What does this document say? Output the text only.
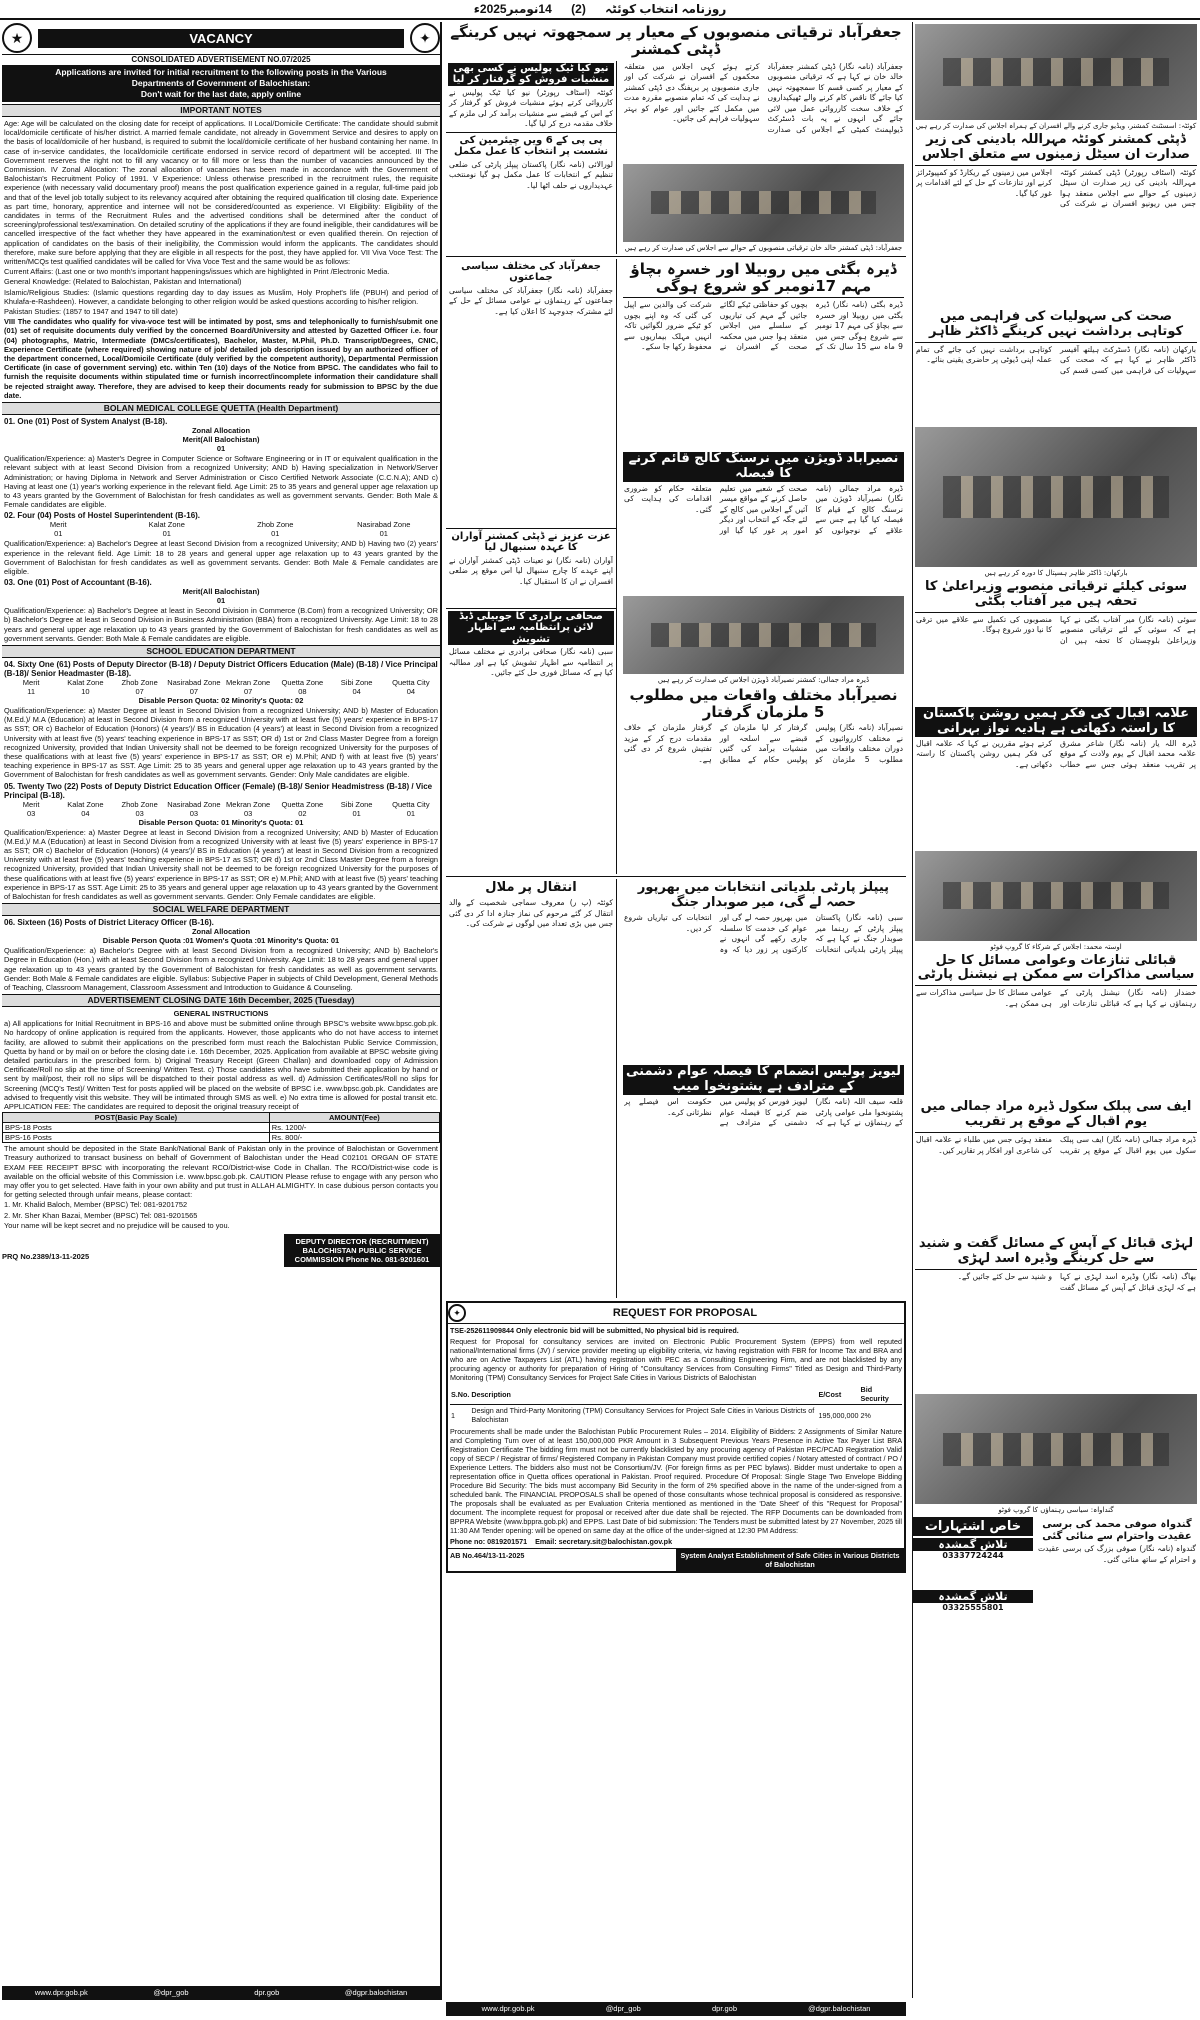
روزنامہ انتخاب کوئٹہ (2) 14نومبر2025ء
★	VACANCY	✦
CONSOLIDATED ADVERTISEMENT NO.07/2025
Applications are invited for initial recruitment to the following posts in the Various
Departments of Government of Balochistan:
Don't wait for the last date, apply online
IMPORTANT NOTES
Age: Age will be calculated on the closing date for receipt of applications. II Local/Domicile Certificate: The candidate should submit local/domicile certificate of his/her district. A married female candidate, not already in Government Service and desires to apply on the basis of local/domicile of her husband, is required to submit the local/domicile certificate of her husband containing her name. In case of in-service candidates, the local/domicile certificate endorsed in service record of department will be accepted. III The Government reserves the right not to fill any vacancy or to fill more or less than the number of vacancies announced by the Commission. IV Zonal Allocation: The zonal allocation of vacancies has been made in accordance with the Government of Balochistan's Recruitment Policy of 1991. V Experience: Unless otherwise prescribed in the recruitment rules, the requisite experience (with necessary valid documentary proof) means the post qualification experience gained in a regular, full-time paid job and that of the level job totally subject to its relevancy acquired after obtaining the required qualification till closing date. Experience as part time, honorary, apprentice and internee will not be considered/counted as experience. VI Eligibility: Eligibility of the candidates in terms of the Recruitment Rules and the advertised conditions shall be determined after the conduct of screening/professional test/examination. On detailed scrutiny of the applications if they are found ineligible, their candidatures will be cancelled irrespective of the fact whether they have appeared in the examination/test or even qualified therein. On rejection of application of candidates on the basis of their ineligibility, the Commission would inform the applicants. The candidates should therefore, make sure before applying that they are eligible in all respects for the post, they have applied for. VII Viva Voce Test: The written/MCQs test qualified candidates will be called for Viva Voce Test and the same would be as follows:
Current Affairs: (Last one or two month's important happenings/issues which are highlighted in Print /Electronic Media.
General Knowledge: (Related to Balochistan, Pakistan and International)
Islamic/Religious Studies: (Islamic questions regarding day to day issues as Muslim, Holy Prophet's life (PBUH) and period of Khulafa-e-Rashdeen). However, a candidate belonging to other religion would be asked questions according to his/her religion.
Pakistan Studies: (1857 to 1947 and 1947 to till date)
VIII The candidates who qualify for viva-voce test will be intimated by post, sms and telephonically to furnish/submit one (01) set of requisite documents duly verified by the concerned Board/University and attested by Gazetted Officer i.e. four (04) photographs, Matric, Intermediate (DMCs/certificates), Bachelor, Master, M.Phil, Ph.D. Transcript/Degrees, CNIC, Experience Certificate (where required) showing nature of job/ detailed job description issued by an authorized officer of the department concerned, Local/Domicile Certificate (duly verified by the competent authority), Departmental Permission Certificate (in case of government serving) etc. within Ten (10) days of the Notice from BPSC. The candidates who fail to furnish the requisite documents within stipulated time or furnish incorrect/incomplete information their candidature shall be rejected straight away. Therefore, they are advised to keep their documents ready for submission to BPSC by the due date.
BOLAN MEDICAL COLLEGE QUETTA (Health Department)
01. One (01) Post of System Analyst (B-18).
Zonal Allocation
Merit(All Balochistan)
01
Qualification/Experience: a) Master's Degree in Computer Science or Software Engineering or in IT or equivalent qualification in the relevant subject with at least Second Division from a recognized University; AND b) Having specialization in Network/Server Administration; or having Diploma in Network and Server Administration or Cisco Certified Network Associate (C.C.N.A); AND c) Having at least one (1) year's working experience in the relevant field. Age Limit: 25 to 35 years and general upper age relaxation up to 43 years granted by the Government of Balochistan for fresh candidates as well as government servants. Gender: Both Male & Female candidates are eligible.
02. Four (04) Posts of Hostel Superintendent (B-16).
Merit	Kalat Zone	Zhob Zone	Nasirabad Zone
01	01	01	01
Qualification/Experience: a) Bachelor's Degree at least Second Division from a recognized University; AND b) Having two (2) years' experience in the relevant field. Age Limit: 18 to 28 years and general upper age relaxation up to 43 years granted by the Government of Balochistan for fresh candidates as well as government servants. Gender: Both Male & Female candidates are eligible.
03. One (01) Post of Accountant (B-16).
Merit(All Balochistan)
01
Qualification/Experience: a) Bachelor's Degree at least in Second Division in Commerce (B.Com) from a recognized University; OR b) Bachelor's Degree at least in Second Division in Business Administration (BBA) from a recognized University. Age Limit: 18 to 28 years and general upper age relaxation up to 43 years granted by the Government of Balochistan for fresh candidates as well as government servants. Gender: Both Male & Female candidates are eligible.
SCHOOL EDUCATION DEPARTMENT
04. Sixty One (61) Posts of Deputy Director (B-18) / Deputy District Officers Education (Male) (B-18) / Vice Principal (B-18)/ Senior Headmaster (B-18).
Merit	Kalat Zone	Zhob Zone	Nasirabad Zone Mekran Zone	Quetta Zone	Sibi Zone	Quetta City
11	10	07	07	07	08	04	04
Disable Person Quota: 02 Minority's Quota: 02
Qualification/Experience: a) Master Degree at least in Second Division from a recognized University; AND b) Master of Education (M.Ed.)/ M.A (Education) at least in Second Division from a recognized University with at least five (5) years' experience in BPS-17 as SST; OR c) Bachelor of Education (Honors) (4 years')/ BS in Education (4 years') at least in Second Division from a recognized University with at least five (5) years' teaching experience in BPS-17 as SST; OR d) 1st or 2nd Class Master Degree from a foreign recognized University, provided that Indian University shall not be deemed to be foreign recognized University for the purposes of these qualifications with at least five (5) years' experience in BPS-17 as SST; OR e) M.Phil; AND f) with at least five (5) years' teaching experience in BPS-17 as SST. Age Limit: 25 to 35 years and general upper age relaxation up to 43 years granted by the Government of Balochistan for fresh candidates as well as government servants. Gender: Only Male candidates are eligible.
05. Twenty Two (22) Posts of Deputy District Education Officer (Female) (B-18)/ Senior Headmistress (B-18) / Vice Principal (B-18).
Merit	Kalat Zone	Zhob Zone	Nasirabad Zone Mekran Zone	Quetta Zone	Sibi Zone	Quetta City
03	04	03	03	03	02	01	01
Disable Person Quota: 01 Minority's Quota: 01
Qualification/Experience: a) Master Degree at least in Second Division from a recognized University; AND b) Master of Education (M.Ed.)/ M.A (Education) at least in Second Division from a recognized University with at least five (5) years' experience in BPS-17 as SST; OR c) Bachelor of Education (Honors) (4 years')/ BS in Education (4 years') at least in Second Division from a recognized University with at least five (5) years' teaching experience in BPS-17 as SST; OR d) 1st or 2nd Class Master Degree from a foreign recognized University, provided that Indian University shall not be deemed to be foreign recognized University for the purposes of these qualifications with at least five (5) years' experience in BPS-17 as SST; OR e) M.Phil; AND with at least five (5) years' teaching experience in BPS-17 as SST. Age Limit: 25 to 35 years and general upper age relaxation up to 43 years granted by the Government of Balochistan for fresh candidates as well as government servants. Gender: Only Female candidates are eligible.
SOCIAL WELFARE DEPARTMENT
06. Sixteen (16) Posts of District Literacy Officer (B-16).
Zonal Allocation
Disable Person Quota :01 Women's Quota :01 Minority's Quota: 01
Qualification/Experience: a) Bachelor's Degree with at least Second Division from a recognized University; AND b) Bachelor's Degree in Education (Hon.) with at least Second Division from a recognized University. Age Limit: 18 to 28 years and general upper age relaxation up to 43 years granted by the Government of Balochistan for fresh candidates as well as government servants. Gender: Both Male & Female candidates are eligible. Syllabus: Subjective Paper in subjects of Child Development, General Methods of Teaching, Classroom Management, Classroom Assessment and Introduction to Guidance & Counseling.
ADVERTISEMENT CLOSING DATE 16th December, 2025 (Tuesday)
GENERAL INSTRUCTIONS
a) All applications for Initial Recruitment in BPS-16 and above must be submitted online through BPSC's website www.bpsc.gob.pk. No hardcopy of online application is required from the applicants. However, those applicants who do not have access to internet facility, are allowed to submit their applications on the prescribed form must reach the Balochistan Public Service Commission, Quetta by hand or by mail on or before the closing date i.e. 16th December, 2025. Application from available at BPSC website giving detailed particulars in the prescribed form. b) Original Treasury Receipt (Green Challan) and downloaded copy of Admission Certificate/Roll no slip at the time of Screening/ Written Test. c) Those candidates who have submitted their application by hand or sent by mail/post, their roll no slips will be dispatched to their postal address as well. d) Admission Certificates/Roll no slips for Screening (MCQ's Test)/ Written Test for posts applied will be placed on the website of BPSC i.e. www.bpsc.gob.pk. Candidates are advised to frequently visit this website. They will be intimated through SMS as well. e) No extra time is allowed for postal transit etc. APPLICATION FEE: The candidates are required to deposit the original treasury receipt of
POST(Basic Pay Scale)	AMOUNT(Fee)
BPS-18 Posts	Rs. 1200/-
BPS-16 Posts	Rs. 800/-
The amount should be deposited in the State Bank/National Bank of Pakistan only in the province of Balochistan or Government Treasury authorized to transact business on behalf of Government of Balochistan under the Head C02101 ORGAN OF STATE EXAM FEE RECEIPT BPSC with incorporating the relevant RCO/District-wise Code in Challan. The RCO/District-wise code is available on the official website of this Commission i.e. www.bpsc.gob.pk. CAUTION Please refuse to engage with any person who may offer you to get selected. Have faith in your own ability and put trust in ALLAH ALMIGHTY. In case dubious person contacts you for getting selected through unfair means, please contact:
1. Mr. Khalid Baloch, Member (BPSC) Tel: 081-9201752
2. Mr. Sher Khan Bazai, Member (BPSC) Tel: 081-9201565
Your name will be kept secret and no prejudice will be caused to you.
PRQ No.2389/13-11-2025
DEPUTY DIRECTOR (RECRUITMENT) BALOCHISTAN PUBLIC SERVICE COMMISSION Phone No. 081-9201601
www.dpr.gob.pk	@dpr_gob	dpr.gob	@dgpr.balochistan
جعفرآباد ترقیاتی منصوبوں کے معیار پر سمجھوتہ نہیں کرینگے ڈپٹی کمشنر
جعفرآباد (نامہ نگار) ڈپٹی کمشنر جعفرآباد خالد خان نے کہا ہے کہ ترقیاتی منصوبوں کے معیار پر کسی قسم کا سمجھوتہ نہیں کیا جائے گا ناقص کام کرنے والے ٹھیکیداروں کے خلاف سخت کارروائی عمل میں لائی جائے گی انہوں نے یہ بات ڈسٹرکٹ ڈیولپمنٹ کمیٹی کے اجلاس کی صدارت کرتے ہوئے کہی اجلاس میں متعلقہ محکموں کے افسران نے شرکت کی اور جاری منصوبوں پر بریفنگ دی ڈپٹی کمشنر نے ہدایت کی کہ تمام منصوبے مقررہ مدت میں مکمل کئے جائیں اور عوام کو بہتر سہولیات فراہم کی جائیں۔
جعفرآباد: ڈپٹی کمشنر خالد خان ترقیاتی منصوبوں کے حوالے سے اجلاس کی صدارت کر رہے ہیں
نیو کیا ٹیک پولیس نے کسی بھی منشیات فروش کو گرفتار کر لیا
کوئٹہ (اسٹاف رپورٹر) نیو کیا ٹیک پولیس نے کارروائی کرتے ہوئے منشیات فروش کو گرفتار کر کے اس کے قبضے سے منشیات برآمد کر لی ملزم کے خلاف مقدمہ درج کر لیا گیا۔
پی پی کے 6 ویں چیئرمین کی نشست پر انتخاب کا عمل مکمل
لورالائی (نامہ نگار) پاکستان پیپلز پارٹی کی ضلعی تنظیم کے انتخابات کا عمل مکمل ہو گیا نومنتخب عہدیداروں نے حلف اٹھا لیا۔
ڈیرہ بگٹی میں روبیلا اور خسرہ بچاؤ مہم 17نومبر کو شروع ہوگی
ڈیرہ بگٹی (نامہ نگار) ڈیرہ بگٹی میں روبیلا اور خسرہ سے بچاؤ کی مہم 17 نومبر سے شروع ہوگی جس میں 9 ماہ سے 15 سال تک کے بچوں کو حفاظتی ٹیکے لگائے جائیں گے مہم کی تیاریوں کے سلسلے میں اجلاس منعقد ہوا جس میں محکمہ صحت کے افسران نے شرکت کی والدین سے اپیل کی گئی کہ وہ اپنے بچوں کو ٹیکے ضرور لگوائیں تاکہ انہیں مہلک بیماریوں سے محفوظ رکھا جا سکے۔
نصیرآباد ڈویژن میں نرسنگ کالج قائم کرنے کا فیصلہ
ڈیرہ مراد جمالی (نامہ نگار) نصیرآباد ڈویژن میں نرسنگ کالج کے قیام کا فیصلہ کیا گیا ہے جس سے علاقے کے نوجوانوں کو صحت کے شعبے میں تعلیم حاصل کرنے کے مواقع میسر آئیں گے اجلاس میں کالج کے لئے جگہ کے انتخاب اور دیگر امور پر غور کیا گیا اور متعلقہ حکام کو ضروری اقدامات کی ہدایت کی گئی۔
ڈیرہ مراد جمالی: کمشنر نصیرآباد ڈویژن اجلاس کی صدارت کر رہے ہیں
نصیرآباد مختلف واقعات میں مطلوب 5 ملزمان گرفتار
نصیرآباد (نامہ نگار) پولیس نے مختلف کارروائیوں کے دوران مختلف واقعات میں مطلوب 5 ملزمان کو گرفتار کر لیا ملزمان کے قبضے سے اسلحہ اور منشیات برآمد کی گئیں پولیس حکام کے مطابق گرفتار ملزمان کے خلاف مقدمات درج کر کے مزید تفتیش شروع کر دی گئی ہے۔
جعفرآباد کی مختلف سیاسی جماعتوں
جعفرآباد (نامہ نگار) جعفرآباد کی مختلف سیاسی جماعتوں کے رہنماؤں نے عوامی مسائل کے حل کے لئے مشترکہ جدوجہد کا اعلان کیا ہے۔
عزت عزیز نے ڈپٹی کمشنر آواران کا عہدہ سنبھال لیا
آواران (نامہ نگار) نو تعینات ڈپٹی کمشنر آواران نے اپنے عہدے کا چارج سنبھال لیا اس موقع پر ضلعی افسران نے ان کا استقبال کیا۔
صحافی برادری کا جوبیلی ڈیڈ لائن پرانتظامیہ سے اظہار تشویش
سبی (نامہ نگار) صحافی برادری نے مختلف مسائل پر انتظامیہ سے اظہار تشویش کیا ہے اور مطالبہ کیا ہے کہ مسائل فوری حل کئے جائیں۔
پیپلز پارٹی بلدیاتی انتخابات میں بھرپور حصہ لے گی، میر صوبدار جنگ
سبی (نامہ نگار) پاکستان پیپلز پارٹی کے رہنما میر صوبدار جنگ نے کہا ہے کہ پیپلز پارٹی بلدیاتی انتخابات میں بھرپور حصہ لے گی اور عوام کی خدمت کا سلسلہ جاری رکھے گی انہوں نے کارکنوں پر زور دیا کہ وہ انتخابات کی تیاریاں شروع کر دیں۔
لیویز پولیس انضمام کا فیصلہ عوام دشمنی کے مترادف ہے پشتونخوا میپ
قلعہ سیف اللہ (نامہ نگار) پشتونخوا ملی عوامی پارٹی کے رہنماؤں نے کہا ہے کہ لیویز فورس کو پولیس میں ضم کرنے کا فیصلہ عوام دشمنی کے مترادف ہے حکومت اس فیصلے پر نظرثانی کرے۔
انتقال پر ملال
کوئٹہ (پ ر) معروف سماجی شخصیت کے والد انتقال کر گئے مرحوم کی نماز جنازہ ادا کر دی گئی جس میں بڑی تعداد میں لوگوں نے شرکت کی۔
✦	REQUEST FOR PROPOSAL
TSE-252611909844 Only electronic bid will be submitted, No physical bid is required.
Request for Proposal for consultancy services are invited on Electronic Public Procurement System (EPPS) from well reputed national/International firms (JV) / service provider meeting up eligibility criteria, viz having registration with FBR for Income Tax and BRA and who are on Active Taxpayers List (ATL) having registration with PEC as a Consulting Engineering Firm, and are not blacklisted by any procuring agency or authority for preparation of Hiring of "Consultancy Services from Consulting Firms" Titled as Design and Third-Party Monitoring (TPM) Consultancy Services for Project Safe Cities in Various Districts of Balochistan
S.No.	Description	E/Cost	Bid Security
1	Design and Third-Party Monitoring (TPM) Consultancy Services for Project Safe Cities in Various Districts of Balochistan	195,000,000	2%
Procurements shall be made under the Balochistan Public Procurement Rules – 2014. Eligibility of Bidders: 2 Assignments of Similar Nature and Completing Turn over of at least 150,000,000 PKR Amount in 3 Subsequent Previous Years Presence in Active Tax Payer List BRA Registration Certificate The bidding firm must not be currently blacklisted by any procuring agency of Pakistan PEC/PCAD Registration Valid copy of SECP / Registrar of firms/ Registered Company in Pakistan Company must provide certified copies / Notary attested of contract / PO / Experience Letters. The bidders also must not be Consortium/JV. (For foreign firms as per PEC bylaws). Bidder must undertake to open a representation office in Quetta offices operational in Pakistan. Proof required. Procedure Of Proposal: Single Stage Two Envelope Bidding Procedure Bid Security: The bids must accompany Bid Security in the form of 2% specified above in the name of the under-signed from a scheduled bank. The FINANCIAL PROPOSALS shall be opened of those consultants whose technical proposal is considered as responsive. The proposals shall be evaluated as per Evaluation Criteria mentioned as mentioned in the 'Date Sheet' of this "Request for Proposal" document. The incomplete request for proposal or received after due date shall be rejected. The RFP Documents can be downloaded from BPPRA Website (www.bppra.gob.pk) and EPPS. Last Date of bid submission: The Tenders must be submitted latest by 27 November, 2025 till 11:30 AM Tender opening: will be opened on same day at the office of the under-signed at 12:30 PM Address:
Phone no: 0819201571 Email: secretary.sit@balochistan.gov.pk
AB No.464/13-11-2025	System Analyst Establishment of Safe Cities in Various Districts of Balochistan
کوئٹہ: اسسٹنٹ کمشنر، ویڈیو جاری کرنے والے افسران کے ہمراہ اجلاس کی صدارت کر رہے ہیں
ڈپٹی کمشنر کوئٹہ مہراللہ بادینی کی زیر صدارت ان سیٹل زمینوں سے متعلق اجلاس
کوئٹہ (اسٹاف رپورٹر) ڈپٹی کمشنر کوئٹہ مہراللہ بادینی کی زیر صدارت ان سیٹل زمینوں کے حوالے سے اجلاس منعقد ہوا جس میں ریونیو افسران نے شرکت کی اجلاس میں زمینوں کے ریکارڈ کو کمپیوٹرائز کرنے اور تنازعات کے حل کے لئے اقدامات پر غور کیا گیا۔
صحت کی سہولیات کی فراہمی میں کوتاہی برداشت نہیں کرینگے ڈاکٹر ظاہر
بارکھان (نامہ نگار) ڈسٹرکٹ ہیلتھ آفیسر ڈاکٹر ظاہر نے کہا ہے کہ صحت کی سہولیات کی فراہمی میں کسی قسم کی کوتاہی برداشت نہیں کی جائے گی تمام عملہ اپنی ڈیوٹی پر حاضری یقینی بنائے۔
بارکھان: ڈاکٹر ظاہر ہسپتال کا دورہ کر رہے ہیں
سوئی کیلئے ترقیاتی منصوبے وزیراعلیٰ کا تحفہ ہیں میر آفتاب بگٹی
سوئی (نامہ نگار) میر آفتاب بگٹی نے کہا ہے کہ سوئی کے لئے ترقیاتی منصوبے وزیراعلیٰ بلوچستان کا تحفہ ہیں ان منصوبوں کی تکمیل سے علاقے میں ترقی کا نیا دور شروع ہوگا۔
علامہ اقبال کی فکر ہمیں روشن پاکستان کا راستہ دکھاتی ہے ہادیہ نواز بہرانی
ڈیرہ اللہ یار (نامہ نگار) شاعر مشرق علامہ محمد اقبال کے یوم ولادت کے موقع پر تقریب منعقد ہوئی جس سے خطاب کرتے ہوئے مقررین نے کہا کہ علامہ اقبال کی فکر ہمیں روشن پاکستان کا راستہ دکھاتی ہے۔
اوستہ محمد: اجلاس کے شرکاء کا گروپ فوٹو
قبائلی تنازعات وعوامی مسائل کا حل سیاسی مذاکرات سے ممکن ہے نیشنل پارٹی
خضدار (نامہ نگار) نیشنل پارٹی کے رہنماؤں نے کہا ہے کہ قبائلی تنازعات اور عوامی مسائل کا حل سیاسی مذاکرات سے ہی ممکن ہے۔
ایف سی پبلک سکول ڈیرہ مراد جمالی میں یوم اقبال کے موقع پر تقریب
ڈیرہ مراد جمالی (نامہ نگار) ایف سی پبلک سکول میں یوم اقبال کے موقع پر تقریب منعقد ہوئی جس میں طلباء نے علامہ اقبال کی شاعری اور افکار پر تقاریر کیں۔
لہڑی قبائل کے آپس کے مسائل گفت و شنید سے حل کرینگے وڈیرہ اسد لہڑی
بھاگ (نامہ نگار) وڈیرہ اسد لہڑی نے کہا ہے کہ لہڑی قبائل کے آپس کے مسائل گفت و شنید سے حل کئے جائیں گے۔
گنداواہ: سیاسی رہنماؤں کا گروپ فوٹو
گندواہ صوفی محمد کی برسی عقیدت واحترام سے منائی گئی
گندواہ (نامہ نگار) صوفی بزرگ کی برسی عقیدت و احترام کے ساتھ منائی گئی۔
خاص اشتہارات
تلاش گمشدہ
03337724244
تلاش گمشدہ
03325555801
www.dpr.gob.pk	@dpr_gob	dpr.gob	@dgpr.balochistan
